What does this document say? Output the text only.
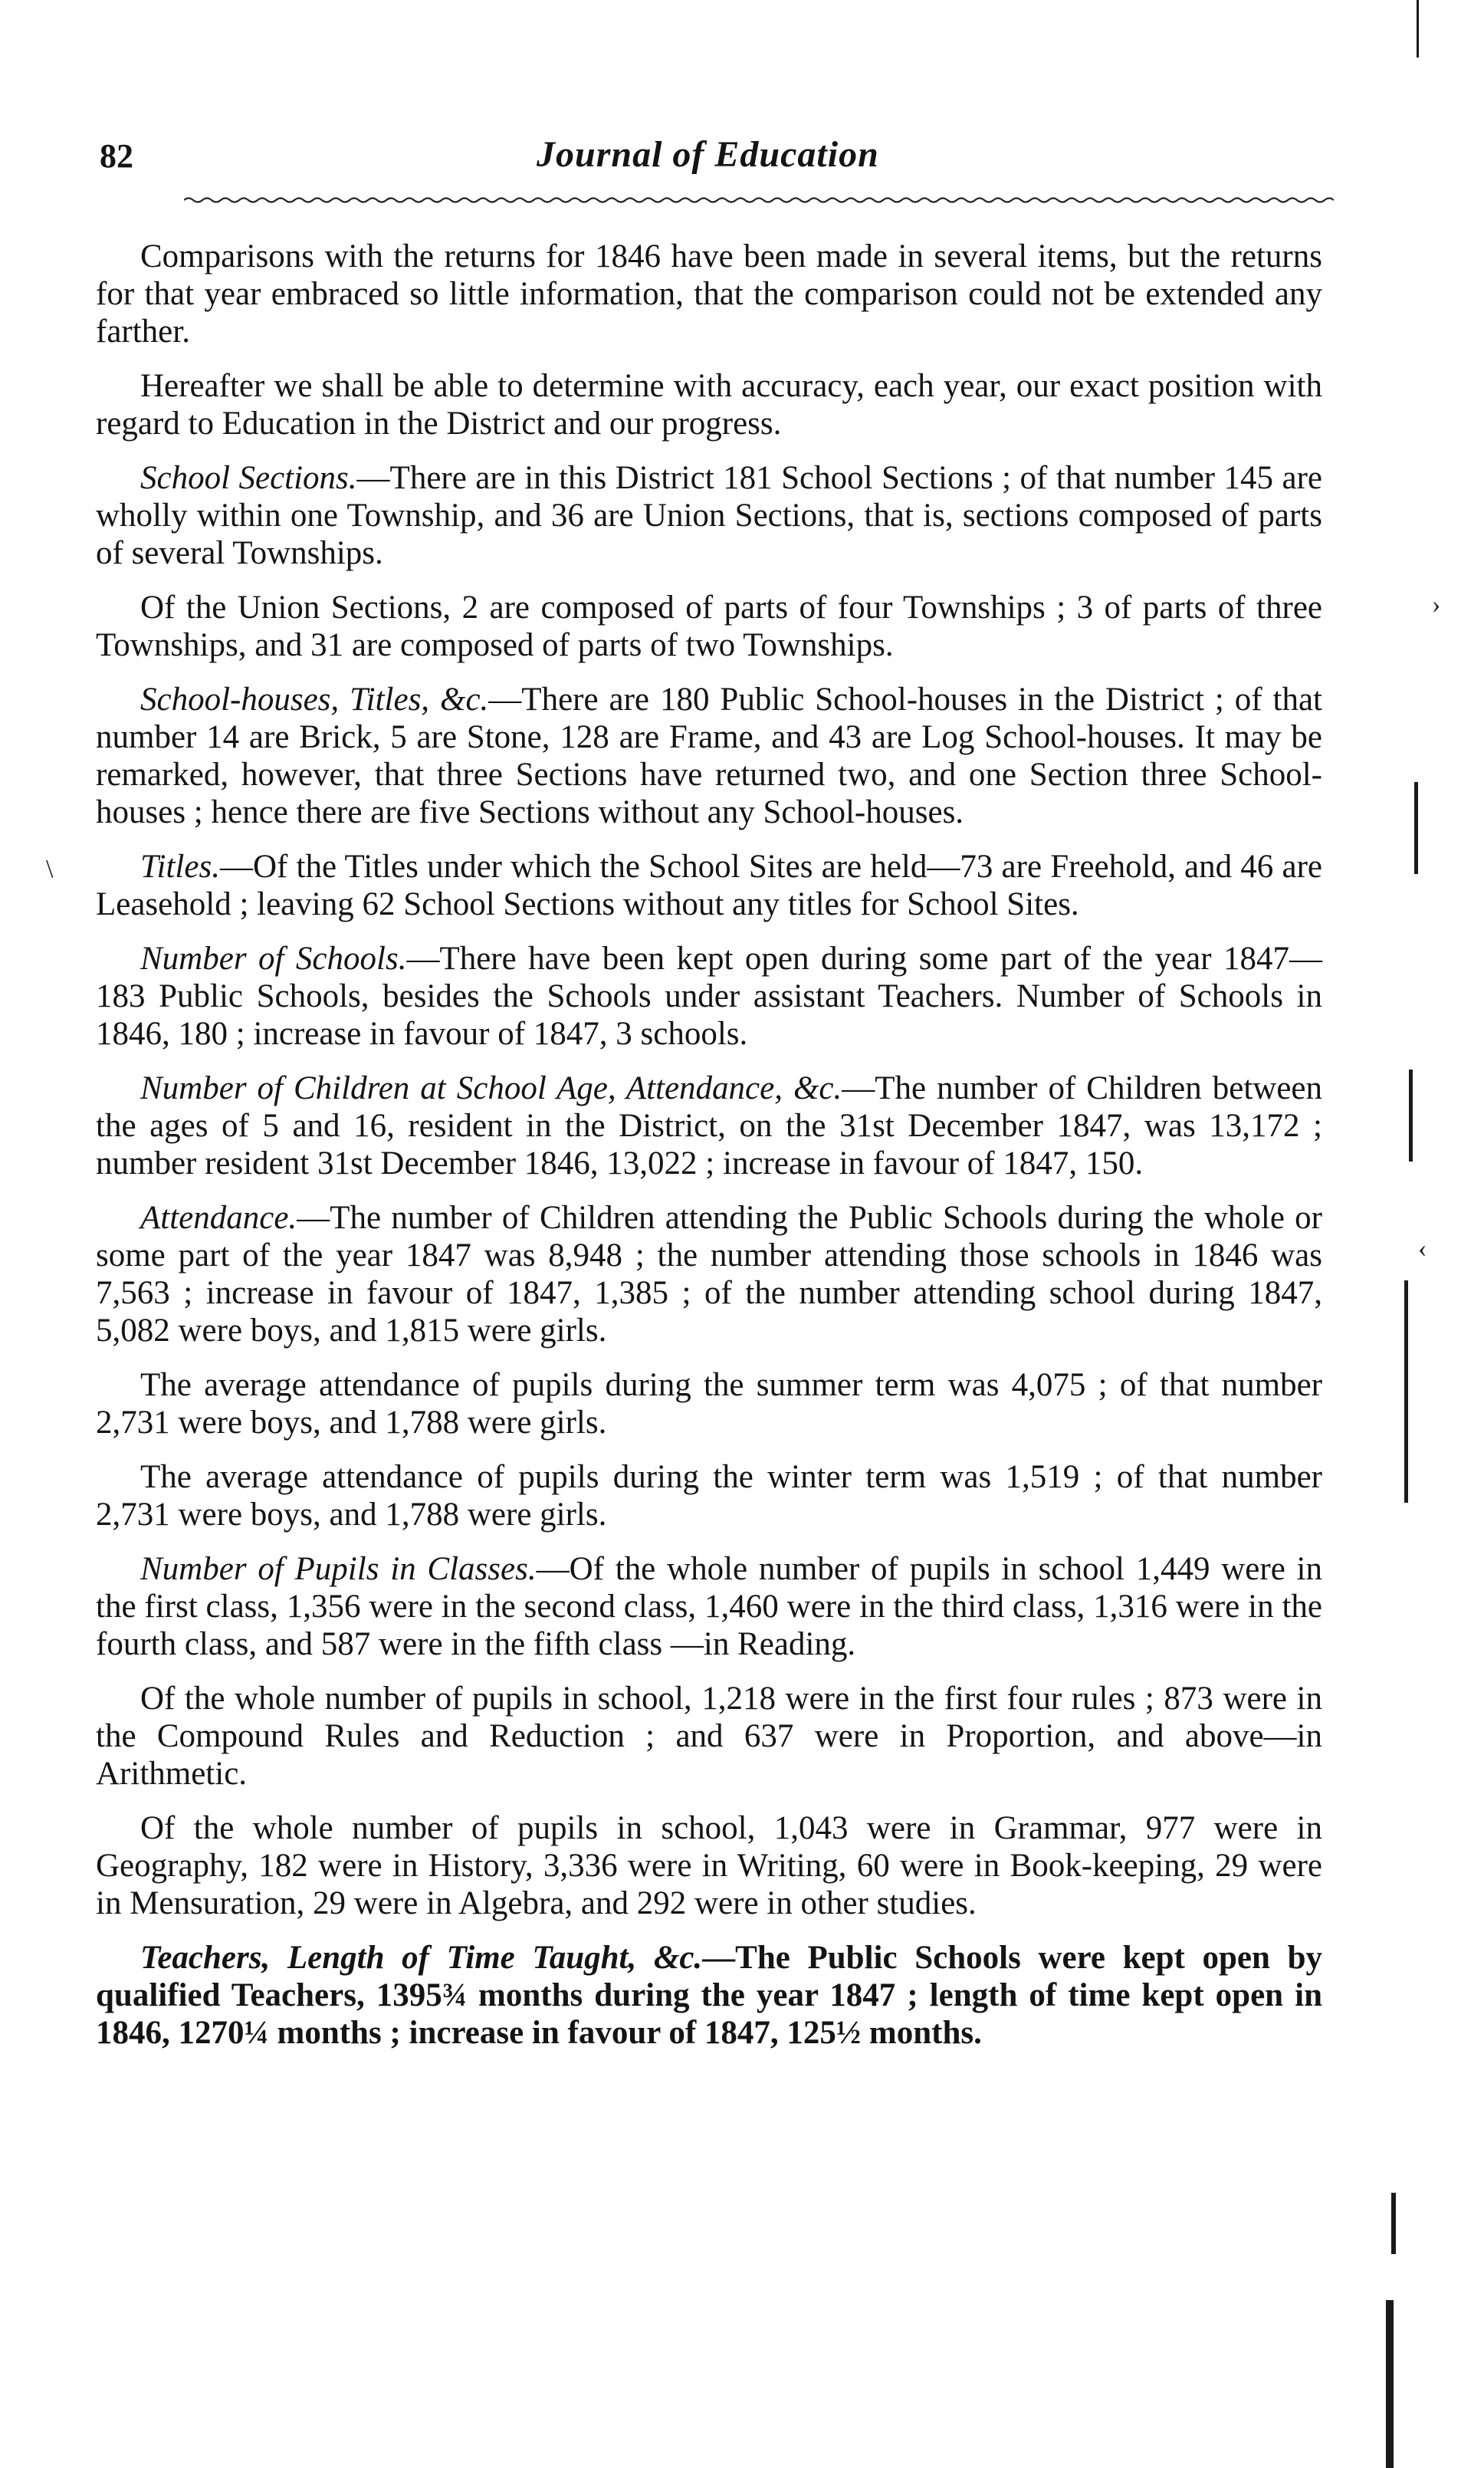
82	Journal of Education

Comparisons with the returns for 1846 have been made in several items, but the returns for that year embraced so little information, that the comparison could not be extended any farther.

Hereafter we shall be able to determine with accuracy, each year, our exact position with regard to Education in the District and our progress.

School Sections.—There are in this District 181 School Sections ; of that number 145 are wholly within one Township, and 36 are Union Sections, that is, sections composed of parts of several Townships.

Of the Union Sections, 2 are composed of parts of four Townships ; 3 of parts of three Townships, and 31 are composed of parts of two Townships.

School-houses, Titles, &c.—There are 180 Public School-houses in the District ; of that number 14 are Brick, 5 are Stone, 128 are Frame, and 43 are Log School-houses. It may be remarked, however, that three Sections have returned two, and one Section three School-houses ; hence there are five Sections without any School-houses.

Titles.—Of the Titles under which the School Sites are held—73 are Freehold, and 46 are Leasehold ; leaving 62 School Sections without any titles for School Sites.

Number of Schools.—There have been kept open during some part of the year 1847—183 Public Schools, besides the Schools under assistant Teachers. Number of Schools in 1846, 180 ; increase in favour of 1847, 3 schools.

Number of Children at School Age, Attendance, &c.—The number of Children between the ages of 5 and 16, resident in the District, on the 31st December 1847, was 13,172 ; number resident 31st December 1846, 13,022 ; increase in favour of 1847, 150.

Attendance.—The number of Children attending the Public Schools during the whole or some part of the year 1847 was 8,948 ; the number attending those schools in 1846 was 7,563 ; increase in favour of 1847, 1,385 ; of the number attending school during 1847, 5,082 were boys, and 1,815 were girls.

The average attendance of pupils during the summer term was 4,075 ; of that number 2,731 were boys, and 1,788 were girls.

The average attendance of pupils during the winter term was 1,519 ; of that number 2,731 were boys, and 1,788 were girls.

Number of Pupils in Classes.—Of the whole number of pupils in school 1,449 were in the first class, 1,356 were in the second class, 1,460 were in the third class, 1,316 were in the fourth class, and 587 were in the fifth class —in Reading.

Of the whole number of pupils in school, 1,218 were in the first four rules ; 873 were in the Compound Rules and Reduction ; and 637 were in Proportion, and above—in Arithmetic.

Of the whole number of pupils in school, 1,043 were in Grammar, 977 were in Geography, 182 were in History, 3,336 were in Writing, 60 were in Book-keeping, 29 were in Mensuration, 29 were in Algebra, and 292 were in other studies.

Teachers, Length of Time Taught, &c.—The Public Schools were kept open by qualified Teachers, 1395¾ months during the year 1847 ; length of time kept open in 1846, 1270¼ months ; increase in favour of 1847, 125½ months.

›
‹
\
